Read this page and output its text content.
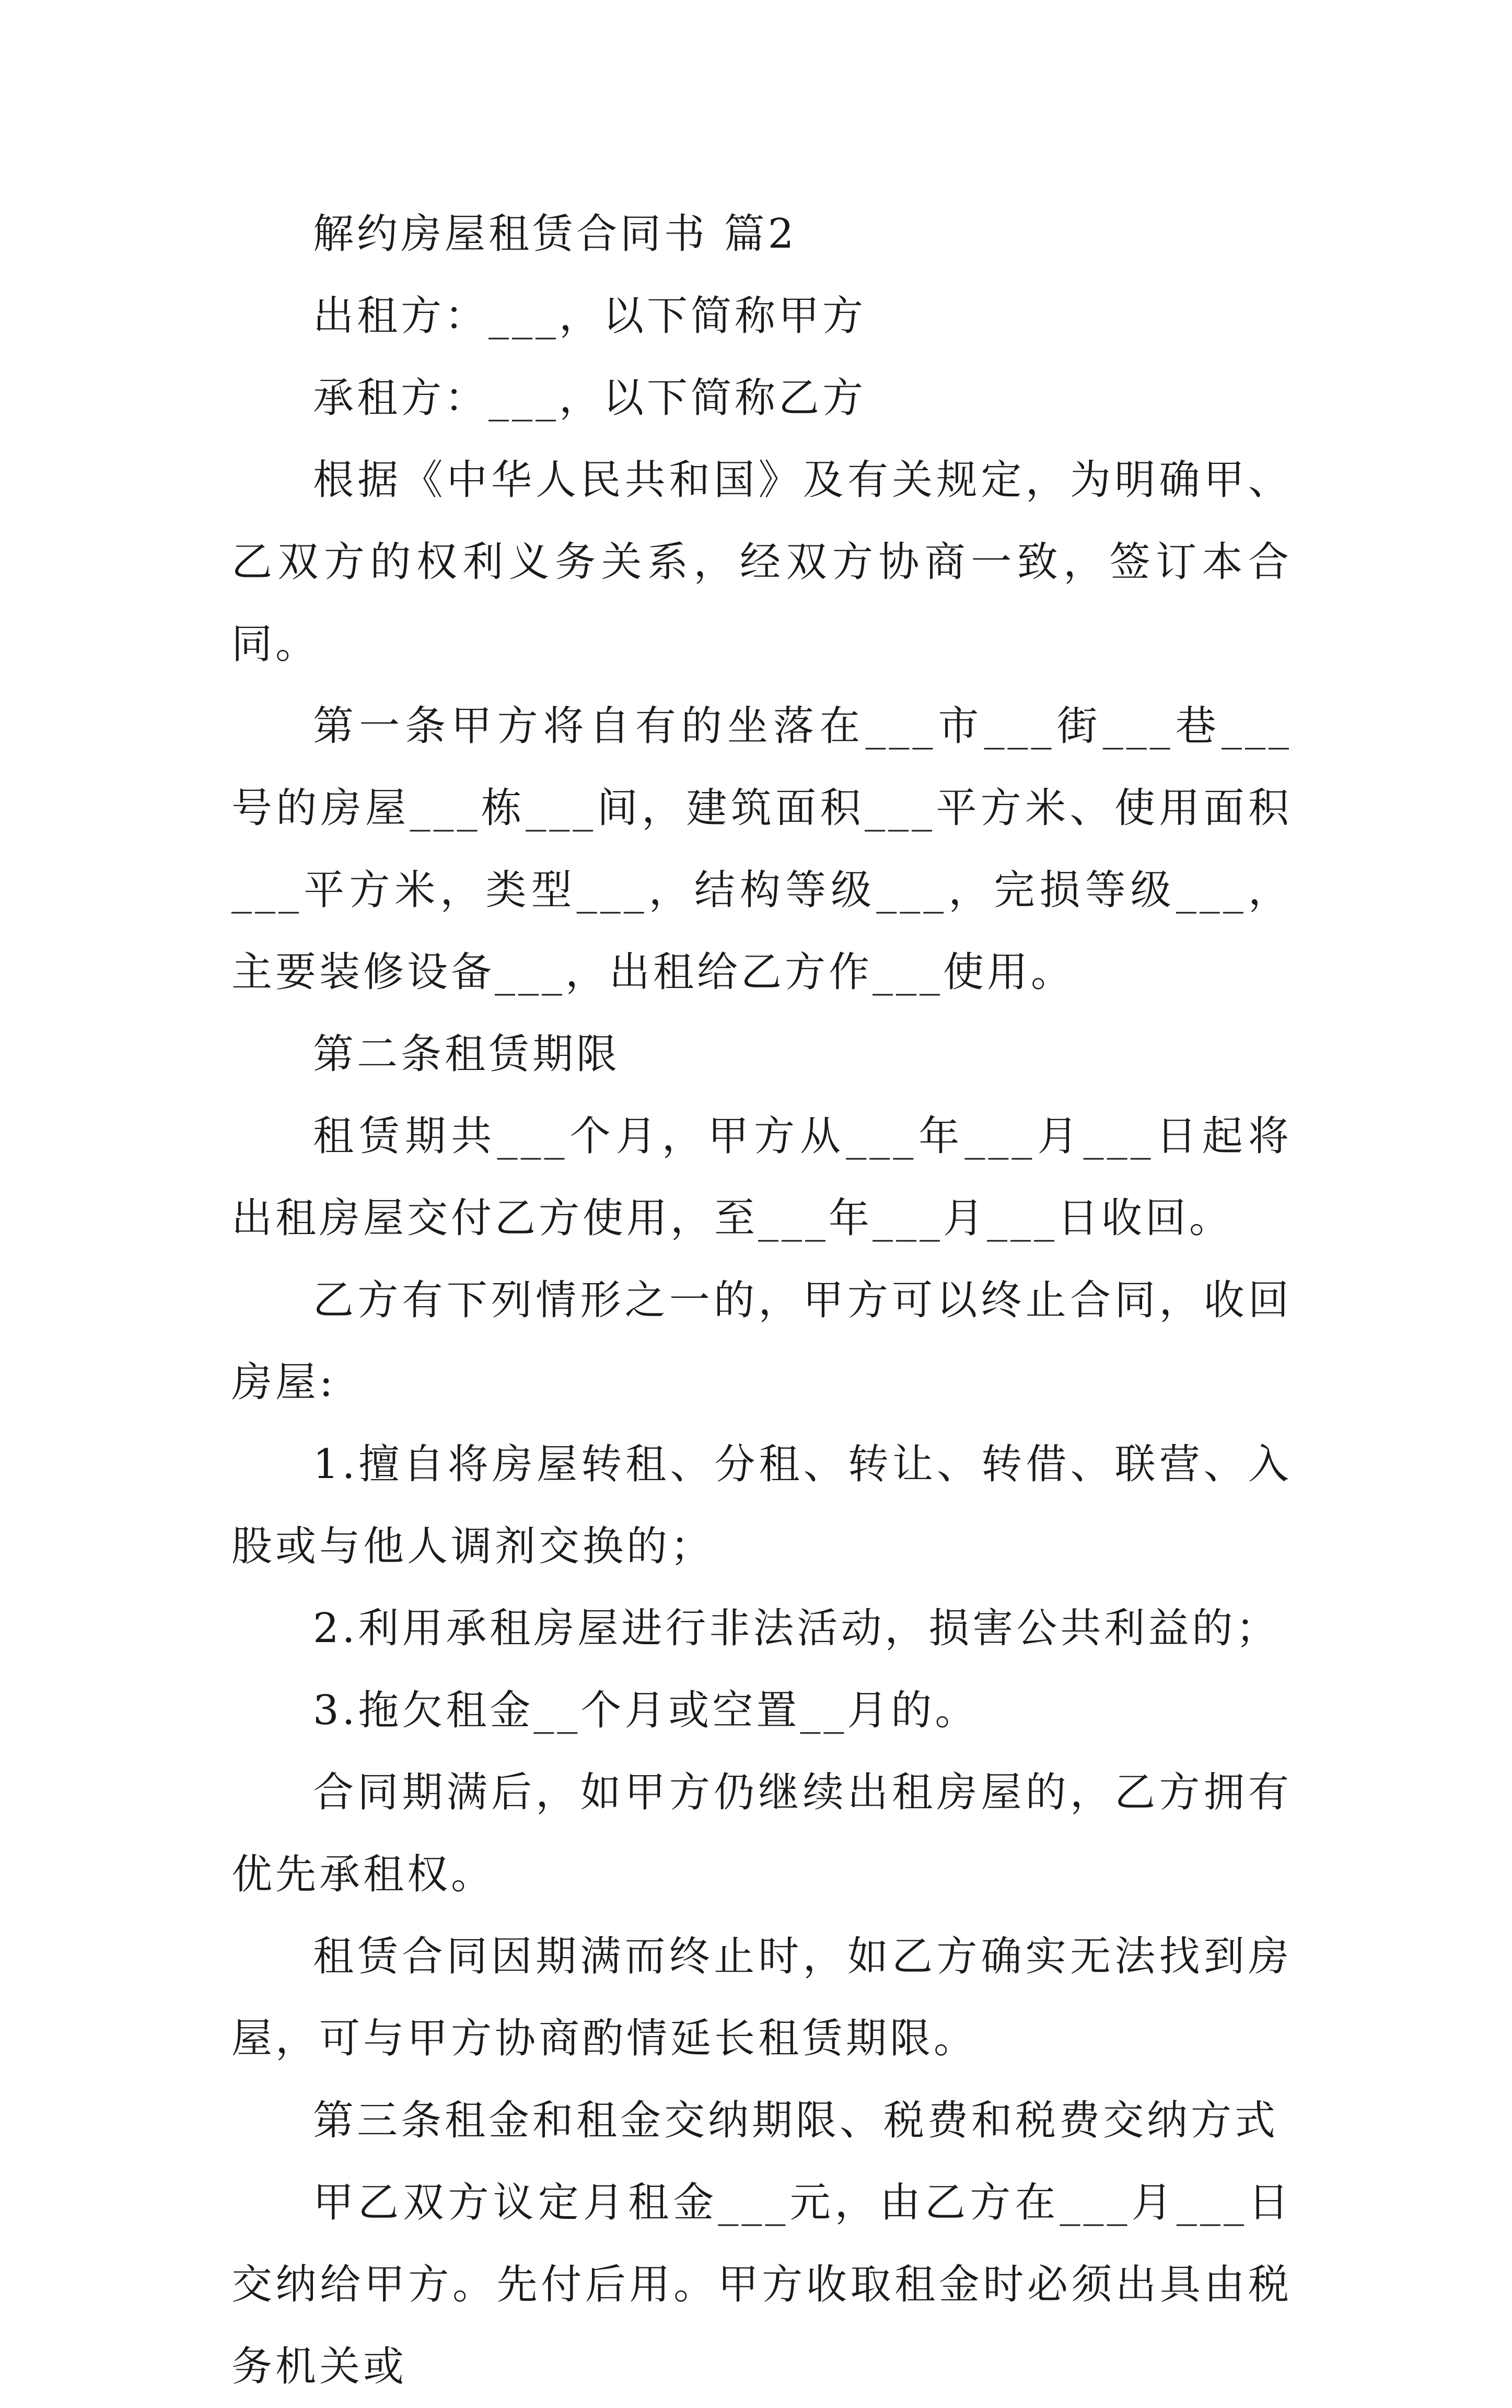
解约房屋租赁合同书 篇2

出租方：___，以下简称甲方

承租方：___，以下简称乙方

根据《中华人民共和国》及有关规定，为明确甲、乙双方的权利义务关系，经双方协商一致，签订本合同。

第一条甲方将自有的坐落在___市___街___巷___号的房屋___栋___间，建筑面积___平方米、使用面积___平方米，类型___，结构等级___，完损等级___，主要装修设备___，出租给乙方作___使用。

第二条租赁期限

租赁期共___个月，甲方从___年___月___日起将出租房屋交付乙方使用，至___年___月___日收回。

乙方有下列情形之一的，甲方可以终止合同，收回房屋:

1.擅自将房屋转租、分租、转让、转借、联营、入股或与他人调剂交换的；

2.利用承租房屋进行非法活动，损害公共利益的；

3.拖欠租金__个月或空置__月的。

合同期满后，如甲方仍继续出租房屋的，乙方拥有优先承租权。

租赁合同因期满而终止时，如乙方确实无法找到房屋，可与甲方协商酌情延长租赁期限。

第三条租金和租金交纳期限、税费和税费交纳方式

甲乙双方议定月租金___元，由乙方在___月___日交纳给甲方。先付后用。甲方收取租金时必须出具由税务机关或
